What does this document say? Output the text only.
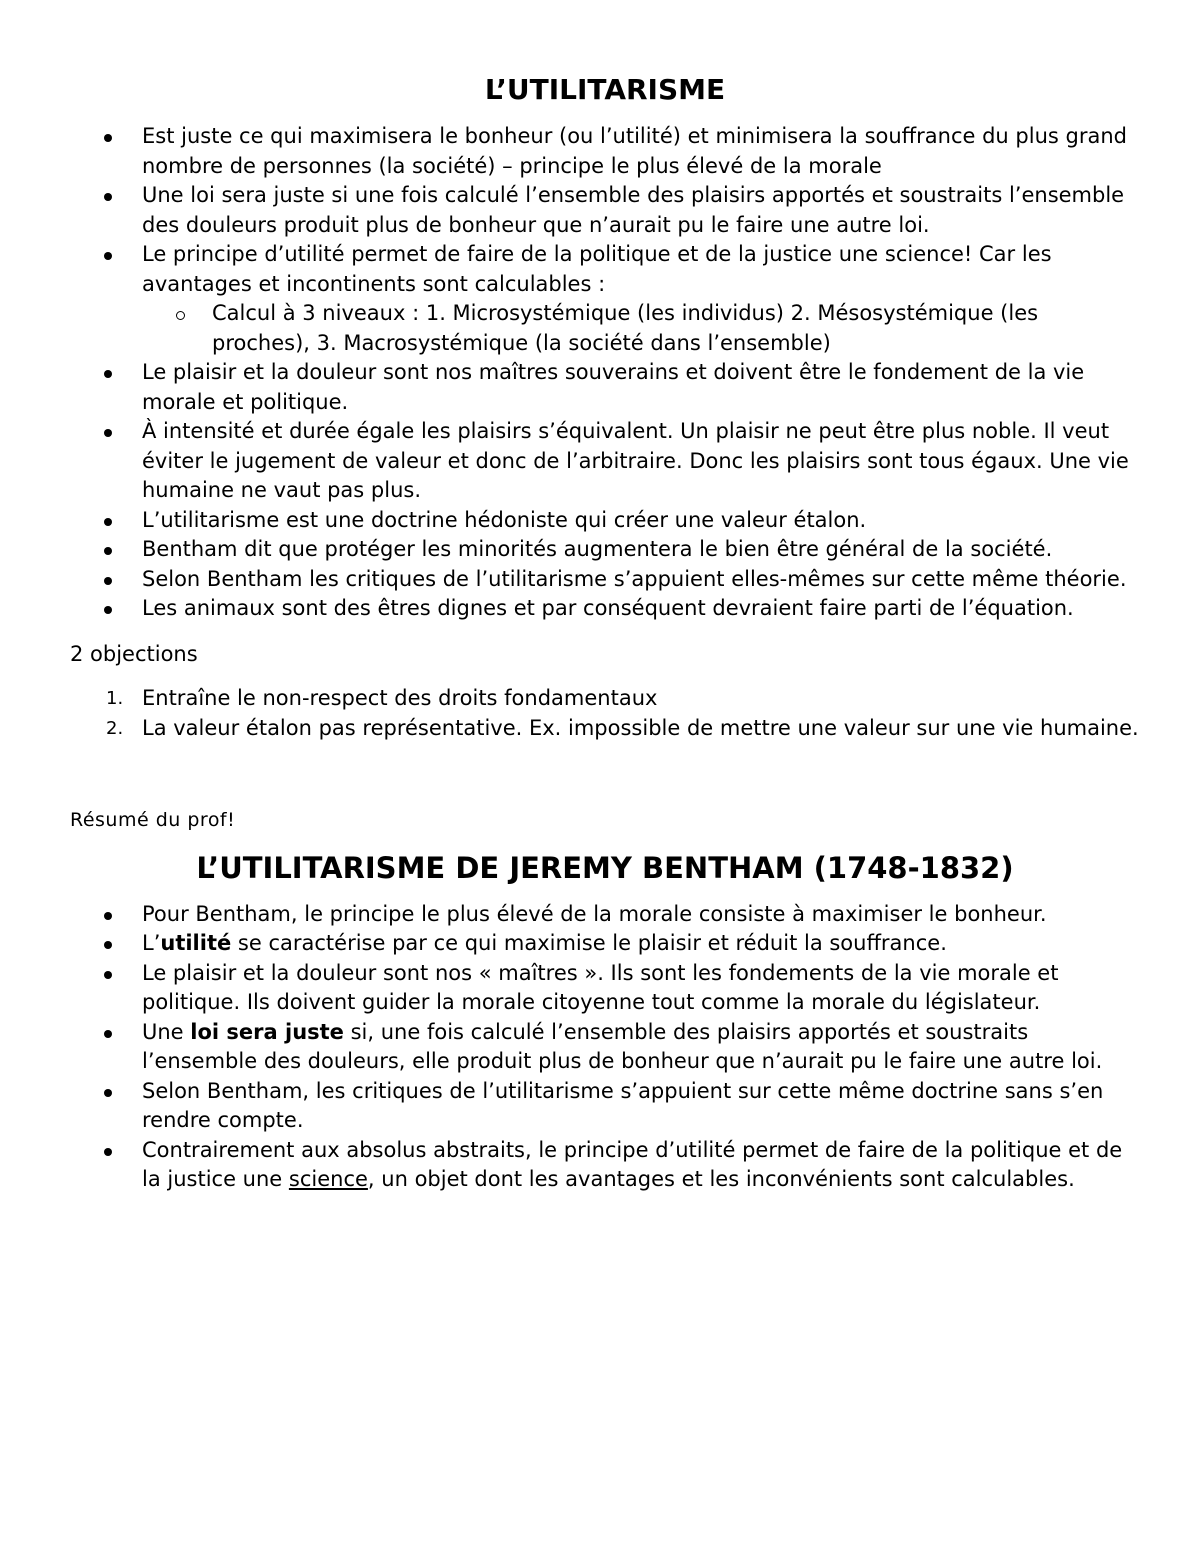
L’UTILITARISME
Est juste ce qui maximisera le bonheur (ou l’utilité) et minimisera la souffrance du plus grand nombre de personnes (la société) – principe le plus élevé de la morale
Une loi sera juste si une fois calculé l’ensemble des plaisirs apportés et soustraits l’ensemble des douleurs produit plus de bonheur que n’aurait pu le faire une autre loi.
Le principe d’utilité permet de faire de la politique et de la justice une science! Car les avantages et incontinents sont calculables :
Calcul à 3 niveaux : 1. Microsystémique (les individus) 2. Mésosystémique (les proches), 3. Macrosystémique (la société dans l’ensemble)
Le plaisir et la douleur sont nos maîtres souverains et doivent être le fondement de la vie morale et politique.
À intensité et durée égale les plaisirs s’équivalent. Un plaisir ne peut être plus noble. Il veut éviter le jugement de valeur et donc de l’arbitraire. Donc les plaisirs sont tous égaux. Une vie humaine ne vaut pas plus.
L’utilitarisme est une doctrine hédoniste qui créer une valeur étalon.
Bentham dit que protéger les minorités augmentera le bien être général de la société.
Selon Bentham les critiques de l’utilitarisme s’appuient elles-mêmes sur cette même théorie.
Les animaux sont des êtres dignes et par conséquent devraient faire parti de l’équation.

2 objections

1. Entraîne le non-respect des droits fondamentaux
2. La valeur étalon pas représentative. Ex. impossible de mettre une valeur sur une vie humaine.

Résumé du prof!

L’UTILITARISME DE JEREMY BENTHAM (1748-1832)
Pour Bentham, le principe le plus élevé de la morale consiste à maximiser le bonheur.
L’utilité se caractérise par ce qui maximise le plaisir et réduit la souffrance.
Le plaisir et la douleur sont nos « maîtres ». Ils sont les fondements de la vie morale et politique. Ils doivent guider la morale citoyenne tout comme la morale du législateur.
Une loi sera juste si, une fois calculé l’ensemble des plaisirs apportés et soustraits l’ensemble des douleurs, elle produit plus de bonheur que n’aurait pu le faire une autre loi.
Selon Bentham, les critiques de l’utilitarisme s’appuient sur cette même doctrine sans s’en rendre compte.
Contrairement aux absolus abstraits, le principe d’utilité permet de faire de la politique et de la justice une science, un objet dont les avantages et les inconvénients sont calculables.
